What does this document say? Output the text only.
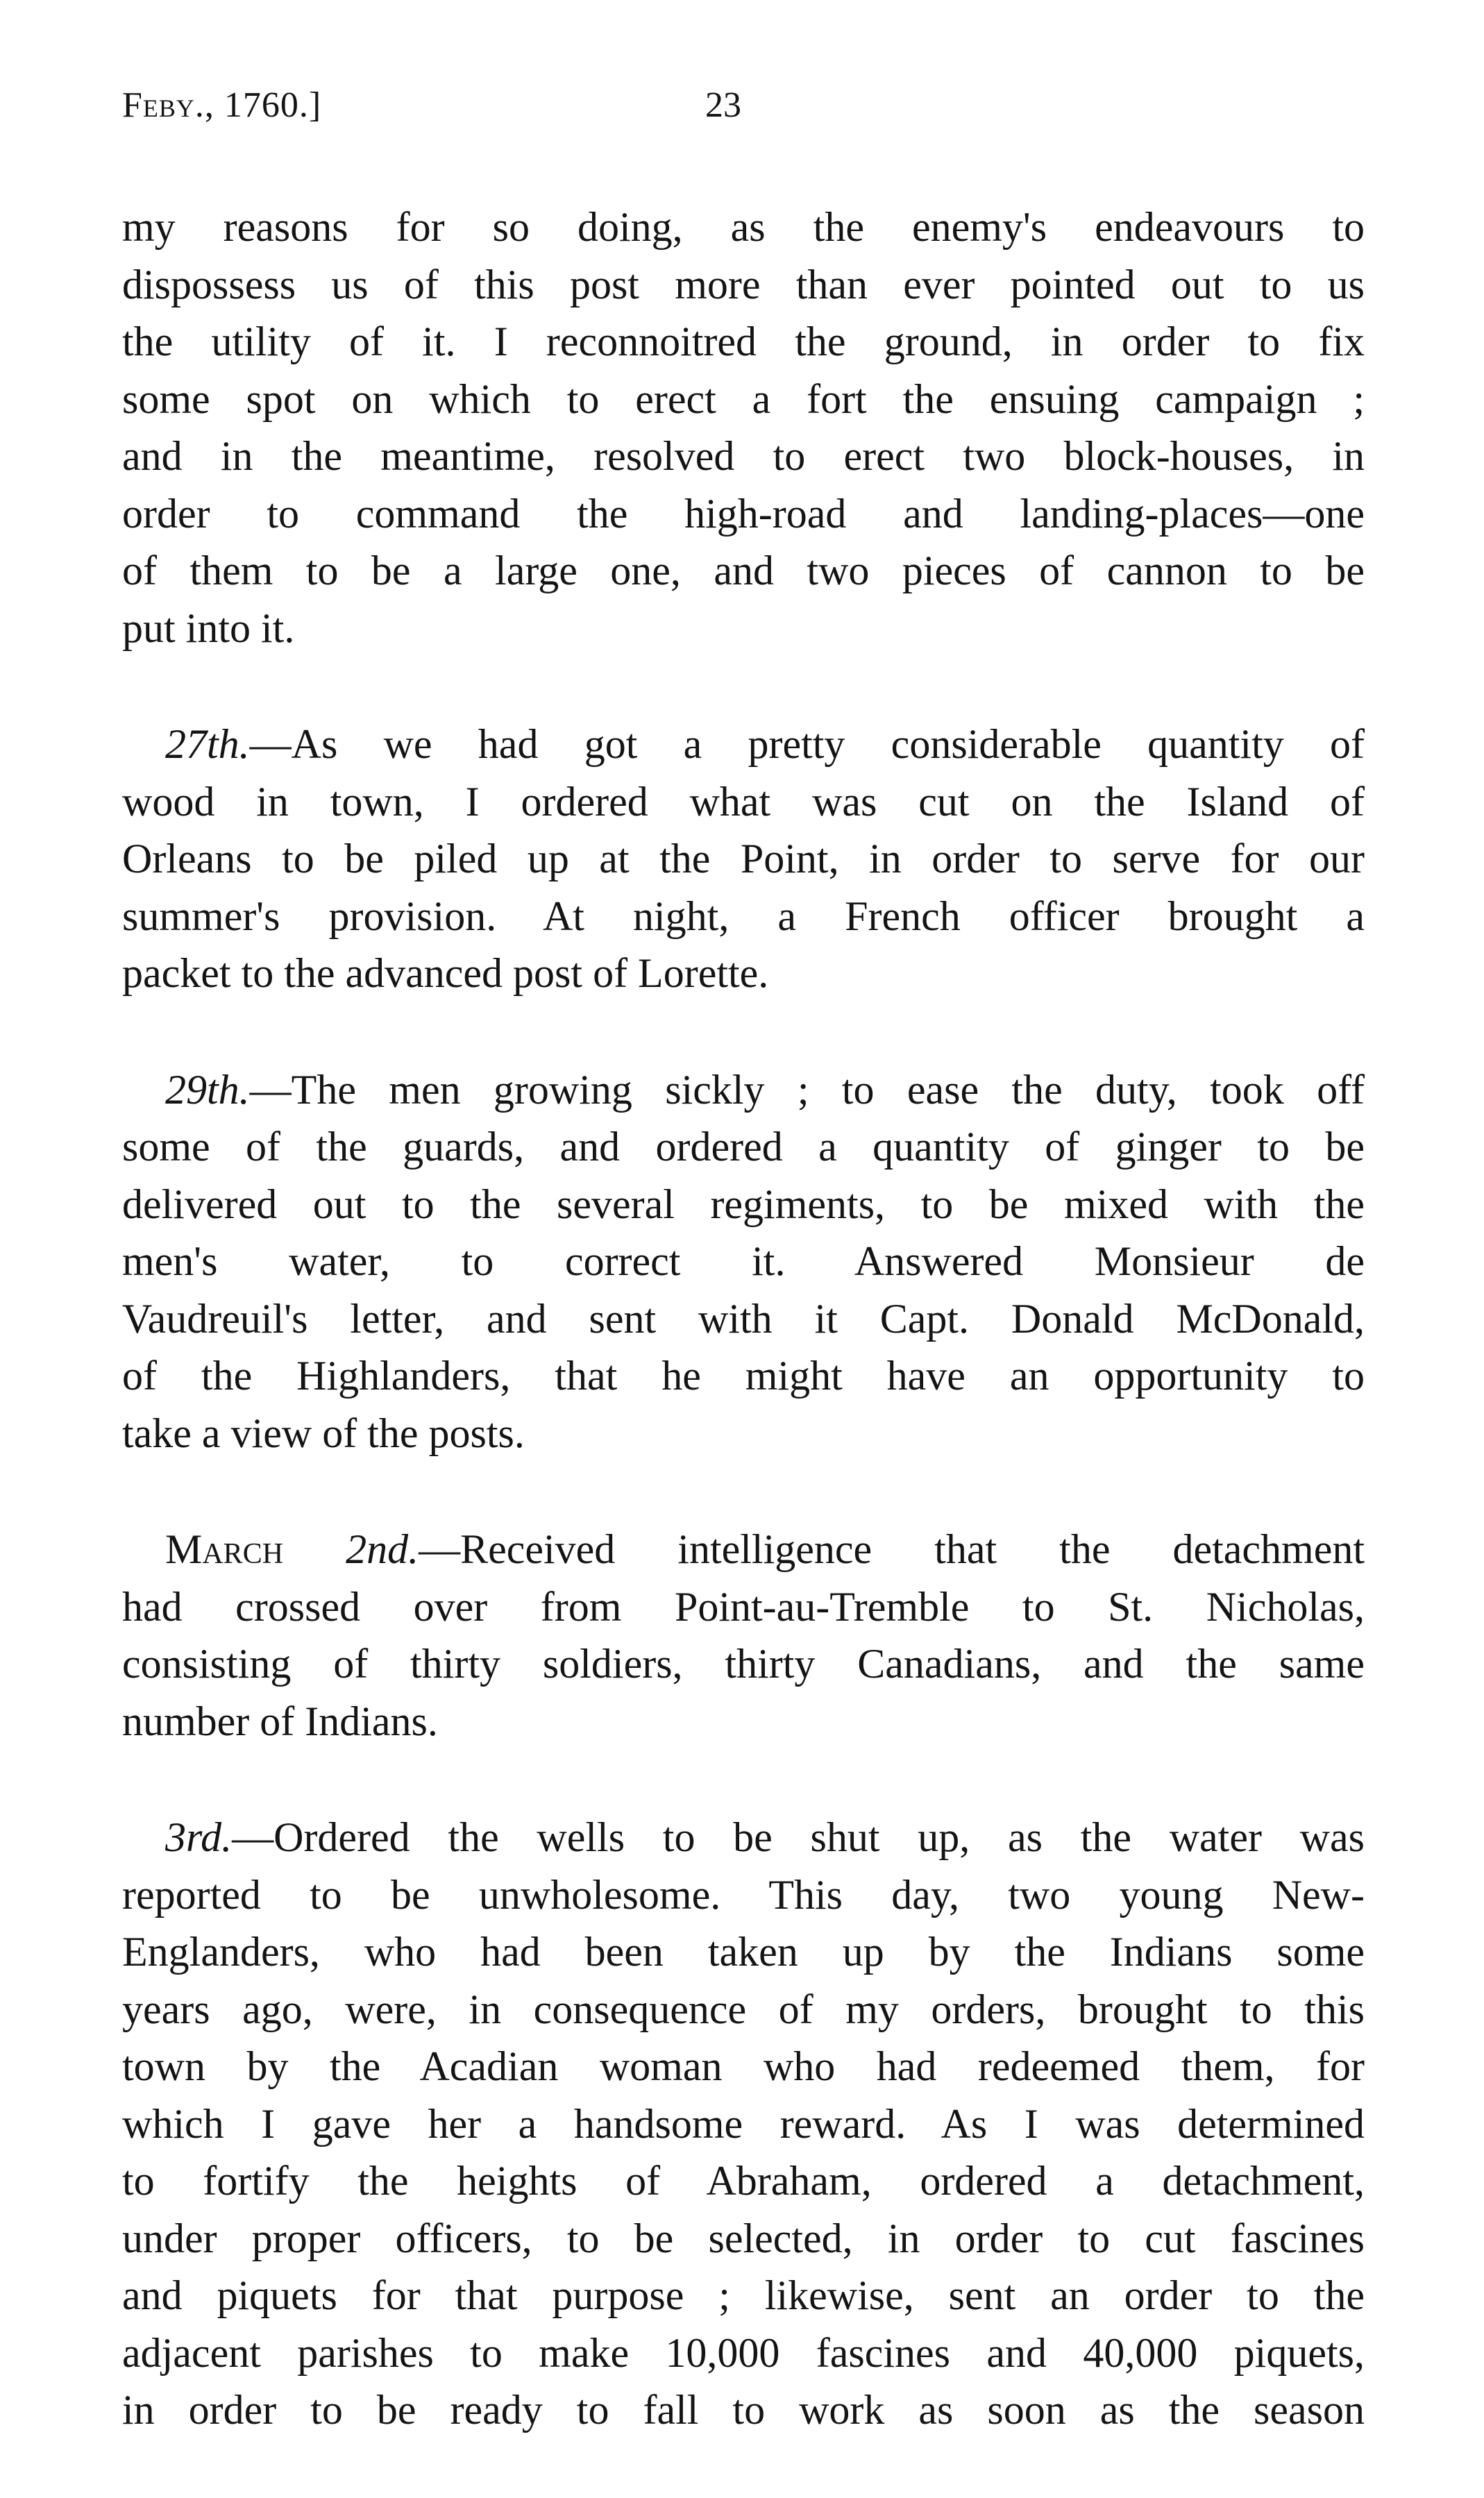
Feby., 1760.]	23

my reasons for so doing, as the enemy's endeavours to
dispossess us of this post more than ever pointed out to us
the utility of it. I reconnoitred the ground, in order to fix
some spot on which to erect a fort the ensuing campaign ;
and in the meantime, resolved to erect two block-houses, in
order to command the high-road and landing-places—one
of them to be a large one, and two pieces of cannon to be
put into it.

27th.—As we had got a pretty considerable quantity of
wood in town, I ordered what was cut on the Island of
Orleans to be piled up at the Point, in order to serve for our
summer's provision. At night, a French officer brought a
packet to the advanced post of Lorette.

29th.—The men growing sickly ; to ease the duty, took off
some of the guards, and ordered a quantity of ginger to be
delivered out to the several regiments, to be mixed with the
men's water, to correct it. Answered Monsieur de
Vaudreuil's letter, and sent with it Capt. Donald McDonald,
of the Highlanders, that he might have an opportunity to
take a view of the posts.

March 2nd.—Received intelligence that the detachment
had crossed over from Point-au-Tremble to St. Nicholas,
consisting of thirty soldiers, thirty Canadians, and the same
number of Indians.

3rd.—Ordered the wells to be shut up, as the water was
reported to be unwholesome. This day, two young New-
Englanders, who had been taken up by the Indians some
years ago, were, in consequence of my orders, brought to this
town by the Acadian woman who had redeemed them, for
which I gave her a handsome reward. As I was determined
to fortify the heights of Abraham, ordered a detachment,
under proper officers, to be selected, in order to cut fascines
and piquets for that purpose ; likewise, sent an order to the
adjacent parishes to make 10,000 fascines and 40,000 piquets,
in order to be ready to fall to work as soon as the season
